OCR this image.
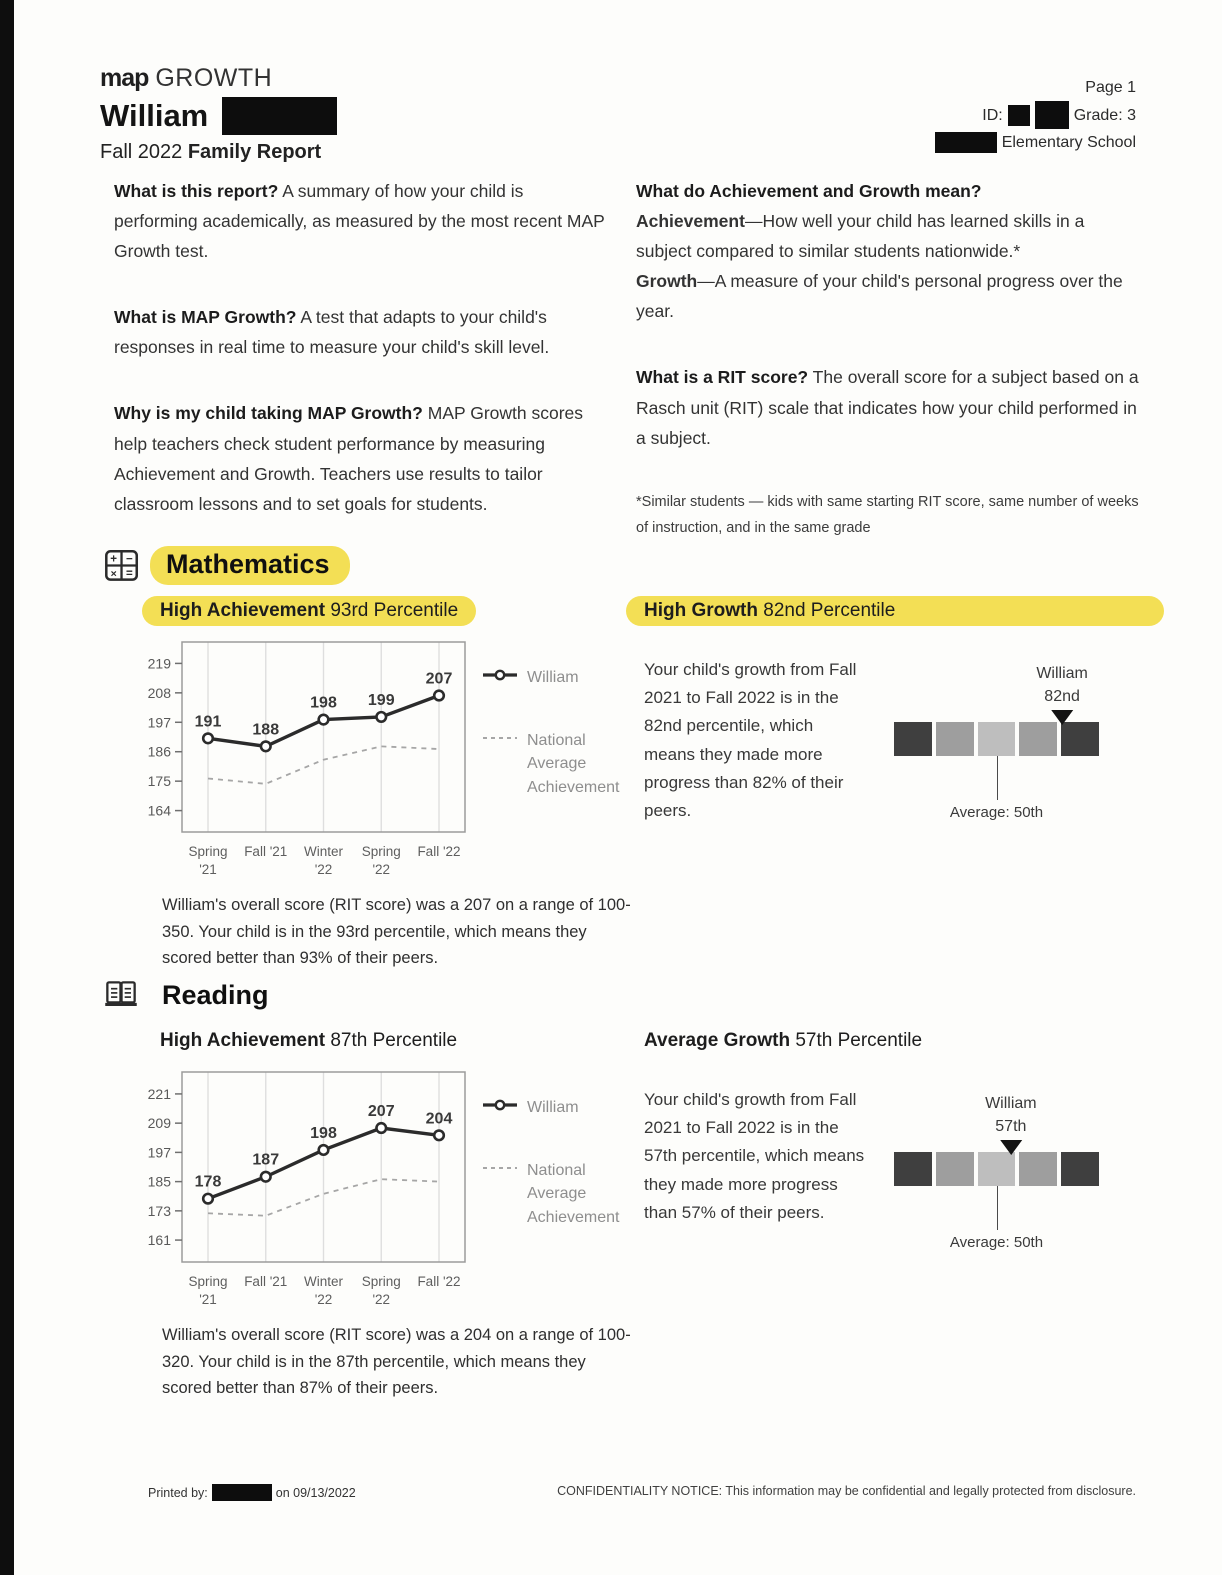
map GROWTH
William
Fall 2022 Family Report
Page 1
ID:	Grade: 3
Elementary School

What is this report? A summary of how your child is performing academically, as measured by the most recent MAP Growth test.

What is MAP Growth? A test that adapts to your child's responses in real time to measure your child's skill level.

Why is my child taking MAP Growth? MAP Growth scores help teachers check student performance by measuring Achievement and Growth. Teachers use results to tailor classroom lessons and to set goals for students.

What do Achievement and Growth mean?

Achievement—How well your child has learned skills in a subject compared to similar students nationwide.*

Growth—A measure of your child's personal progress over the year.

What is a RIT score? The overall score for a subject based on a Rasch unit (RIT) scale that indicates how your child performed in a subject.

*Similar students — kids with same starting RIT score, same number of weeks of instruction, and in the same grade
+ −
× =	Mathematics
High Achievement 93rd Percentile
219
208
197
186
175
164
Spring
'21
Fall '21 Winter
'22
Spring
'22
Fall '22
191 188
198 199
207	William
National Average Achievement
William's overall score (RIT score) was a 207 on a range of 100-350. Your child is in the 93rd percentile, which means they scored better than 93% of their peers.
High Growth 82nd Percentile
Your child's growth from Fall 2021 to Fall 2022 is in the 82nd percentile, which means they made more progress than 82% of their peers.
William
82nd
Average: 50th
Reading
High Achievement 87th Percentile
221
209
197
185
173
161
Spring
'21
Fall '21 Winter
'22
Spring
'22
Fall '22
178
187
198
207 204
William
National Average Achievement
William's overall score (RIT score) was a 204 on a range of 100-320. Your child is in the 87th percentile, which means they scored better than 87% of their peers.
Average Growth 57th Percentile
Your child's growth from Fall 2021 to Fall 2022 is in the 57th percentile, which means they made more progress than 57% of their peers.
William
57th
Average: 50th
Printed by:	on 09/13/2022	CONFIDENTIALITY NOTICE: This information may be confidential and legally protected from disclosure.
